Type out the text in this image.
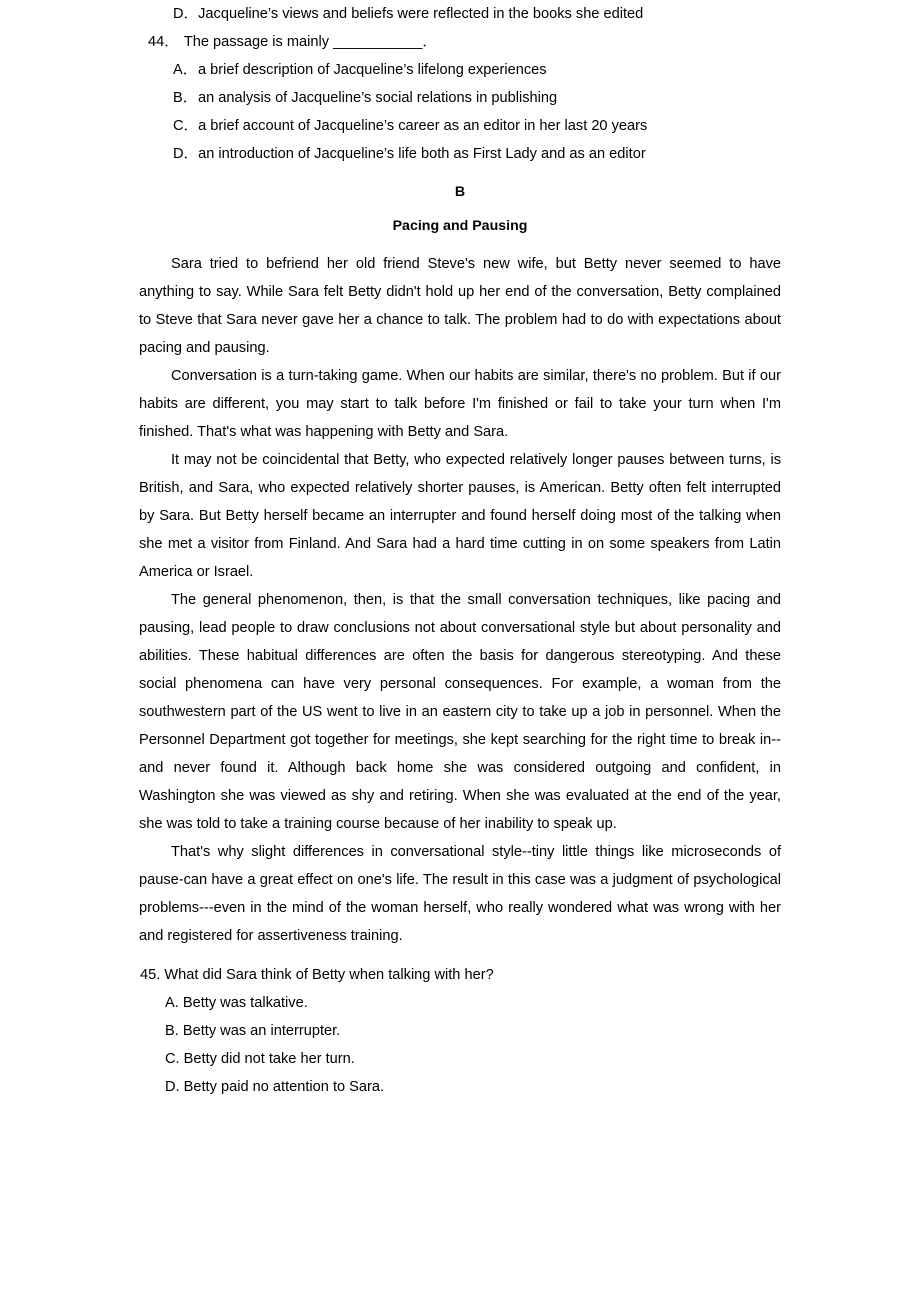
D．Jacqueline’s views and beliefs were reflected in the books she edited
44． The passage is mainly ___________．
A．a brief description of Jacqueline’s lifelong experiences
B．an analysis of Jacqueline’s social relations in publishing
C．a brief account of Jacqueline’s career as an editor in her last 20 years
D．an introduction of Jacqueline’s life both as First Lady and as an editor
B
Pacing and Pausing

Sara tried to befriend her old friend Steve's new wife, but Betty never seemed to have anything to say. While Sara felt Betty didn't hold up her end of the conversation, Betty complained to Steve that Sara never gave her a chance to talk. The problem had to do with expectations about pacing and pausing.

Conversation is a turn-taking game. When our habits are similar, there's no problem. But if our habits are different, you may start to talk before I'm finished or fail to take your turn when I'm finished. That's what was happening with Betty and Sara.

It may not be coincidental that Betty, who expected relatively longer pauses between turns, is British, and Sara, who expected relatively shorter pauses, is American. Betty often felt interrupted by Sara. But Betty herself became an interrupter and found herself doing most of the talking when she met a visitor from Finland. And Sara had a hard time cutting in on some speakers from Latin America or Israel.

The general phenomenon, then, is that the small conversation techniques, like pacing and pausing, lead people to draw conclusions not about conversational style but about personality and abilities. These habitual differences are often the basis for dangerous stereotyping. And these social phenomena can have very personal consequences. For example, a woman from the southwestern part of the US went to live in an eastern city to take up a job in personnel. When the Personnel Department got together for meetings, she kept searching for the right time to break in--and never found it. Although back home she was considered outgoing and confident, in Washington she was viewed as shy and retiring. When she was evaluated at the end of the year, she was told to take a training course because of her inability to speak up.

That's why slight differences in conversational style--tiny little things like microseconds of pause-can have a great effect on one's life. The result in this case was a judgment of psychological problems---even in the mind of the woman herself, who really wondered what was wrong with her and registered for assertiveness training.

45. What did Sara think of Betty when talking with her?
A. Betty was talkative.
B. Betty was an interrupter.
C. Betty did not take her turn.
D. Betty paid no attention to Sara.
